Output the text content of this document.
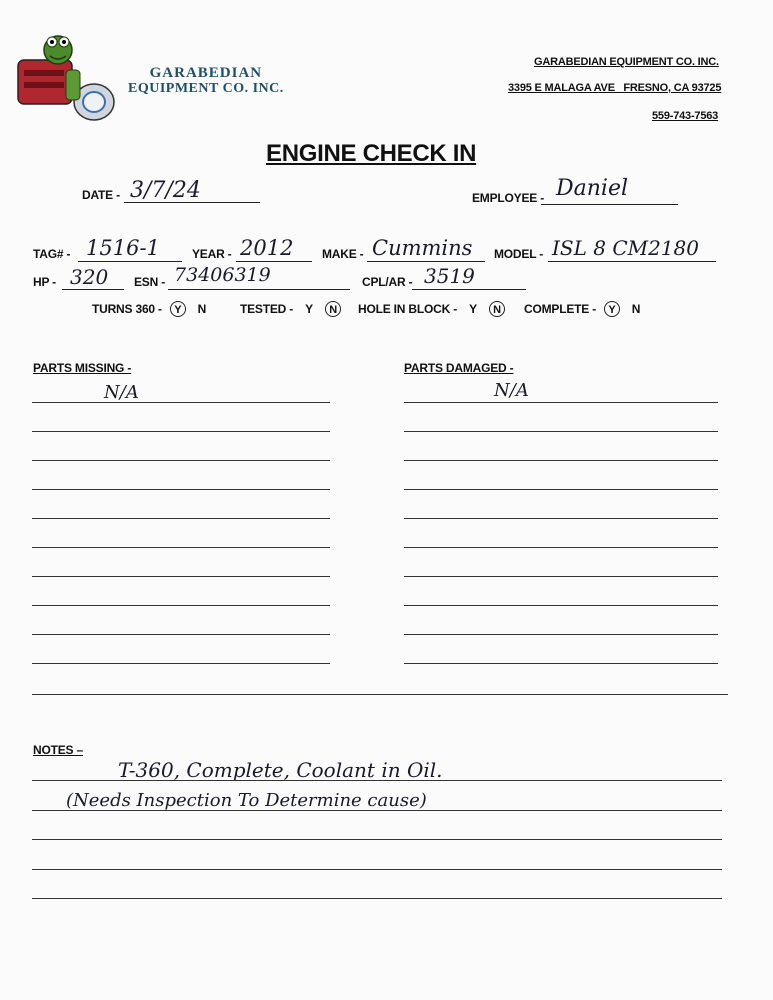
​
GARABEDIAN
EQUIPMENT CO. INC.
GARABEDIAN EQUIPMENT CO. INC.
3395 E MALAGA AVE   FRESNO, CA 93725
559-743-7563
ENGINE CHECK IN
DATE - 3/7/24	EMPLOYEE - Daniel
TAG# - 1516-1	YEAR - 2012 MAKE - Cummins MODEL - ISL 8 CM2180
HP - 320 ESN - 73406319	CPL/AR - 3519
TURNS 360 -	Y	N	TESTED -	Y	N	HOLE IN BLOCK -	Y	N	COMPLETE -	Y	N
PARTS MISSING -
N/A
PARTS DAMAGED -
N/A
NOTES –
T-360, Complete, Coolant in Oil.
(Needs Inspection To Determine cause)
